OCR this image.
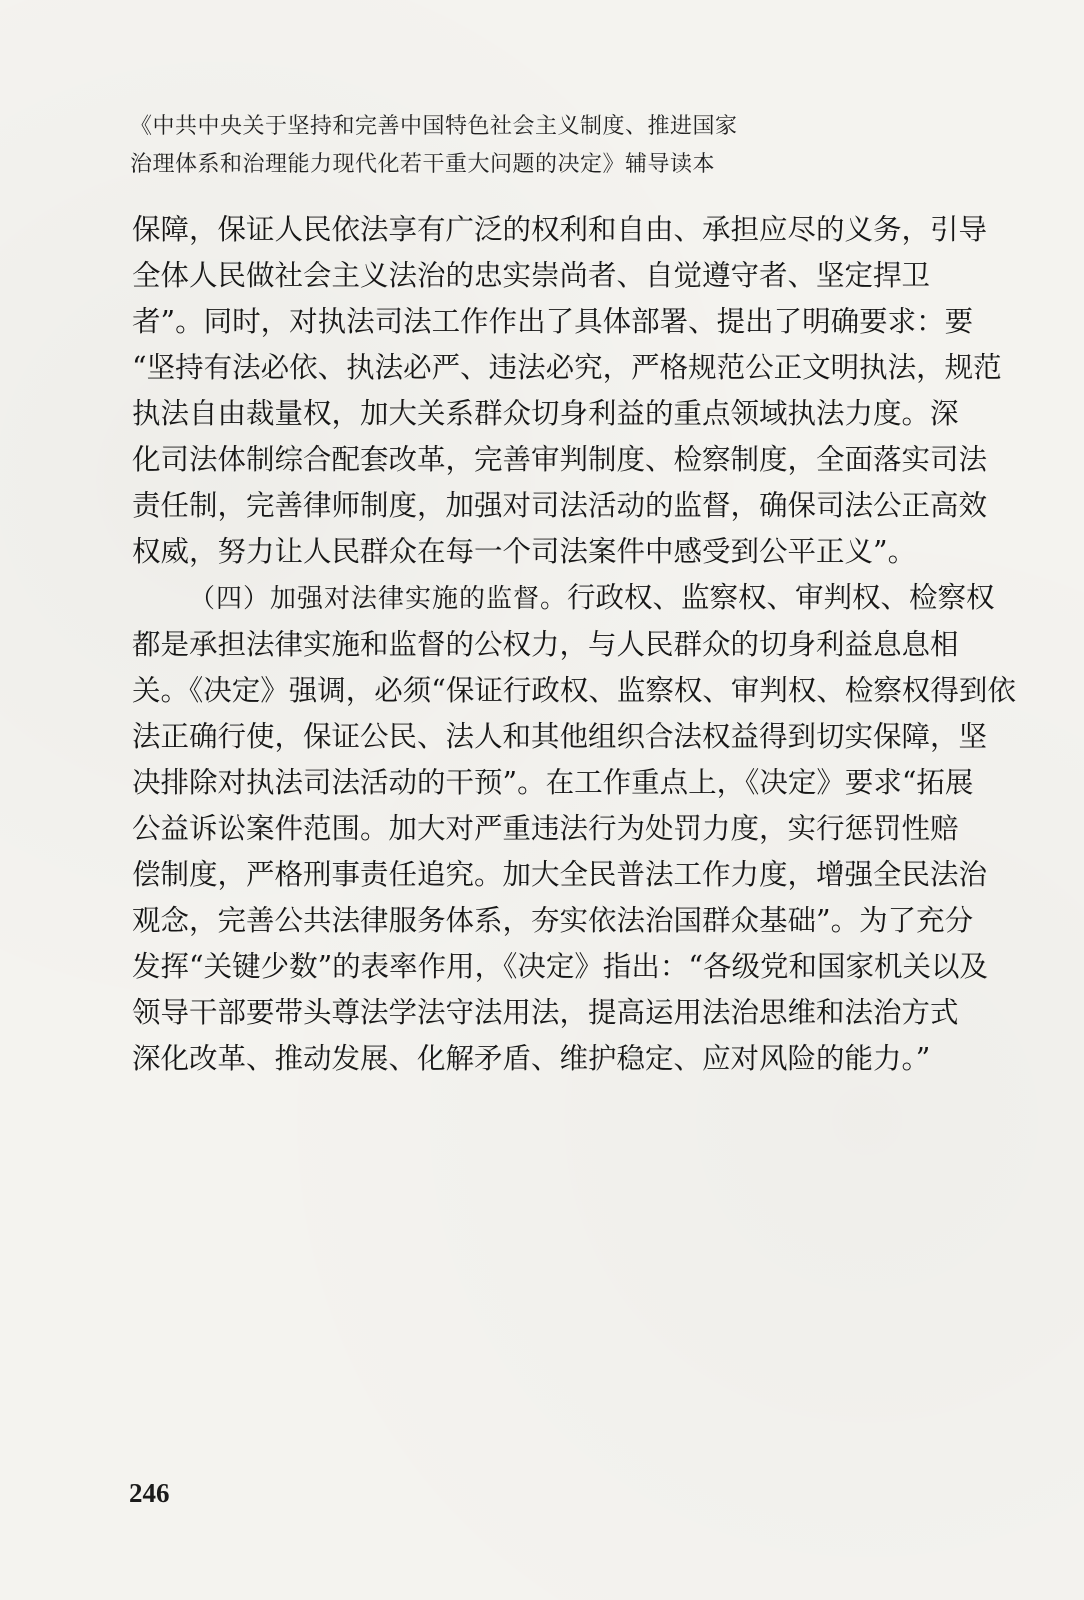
《中共中央关于坚持和完善中国特色社会主义制度、推进国家
治理体系和治理能力现代化若干重大问题的决定》辅导读本
保障，保证人民依法享有广泛的权利和自由、承担应尽的义务，引导
全体人民做社会主义法治的忠实崇尚者、自觉遵守者、坚定捍卫
者”。同时，对执法司法工作作出了具体部署、提出了明确要求：要
“坚持有法必依、执法必严、违法必究，严格规范公正文明执法，规范
执法自由裁量权，加大关系群众切身利益的重点领域执法力度。深
化司法体制综合配套改革，完善审判制度、检察制度，全面落实司法
责任制，完善律师制度，加强对司法活动的监督，确保司法公正高效
权威，努力让人民群众在每一个司法案件中感受到公平正义”。
（四）加强对法律实施的监督。行政权、监察权、审判权、检察权
都是承担法律实施和监督的公权力，与人民群众的切身利益息息相
关。《决定》强调，必须“保证行政权、监察权、审判权、检察权得到依
法正确行使，保证公民、法人和其他组织合法权益得到切实保障，坚
决排除对执法司法活动的干预”。在工作重点上，《决定》要求“拓展
公益诉讼案件范围。加大对严重违法行为处罚力度，实行惩罚性赔
偿制度，严格刑事责任追究。加大全民普法工作力度，增强全民法治
观念，完善公共法律服务体系，夯实依法治国群众基础”。为了充分
发挥“关键少数”的表率作用，《决定》指出：“各级党和国家机关以及
领导干部要带头尊法学法守法用法，提高运用法治思维和法治方式
深化改革、推动发展、化解矛盾、维护稳定、应对风险的能力。”
246
